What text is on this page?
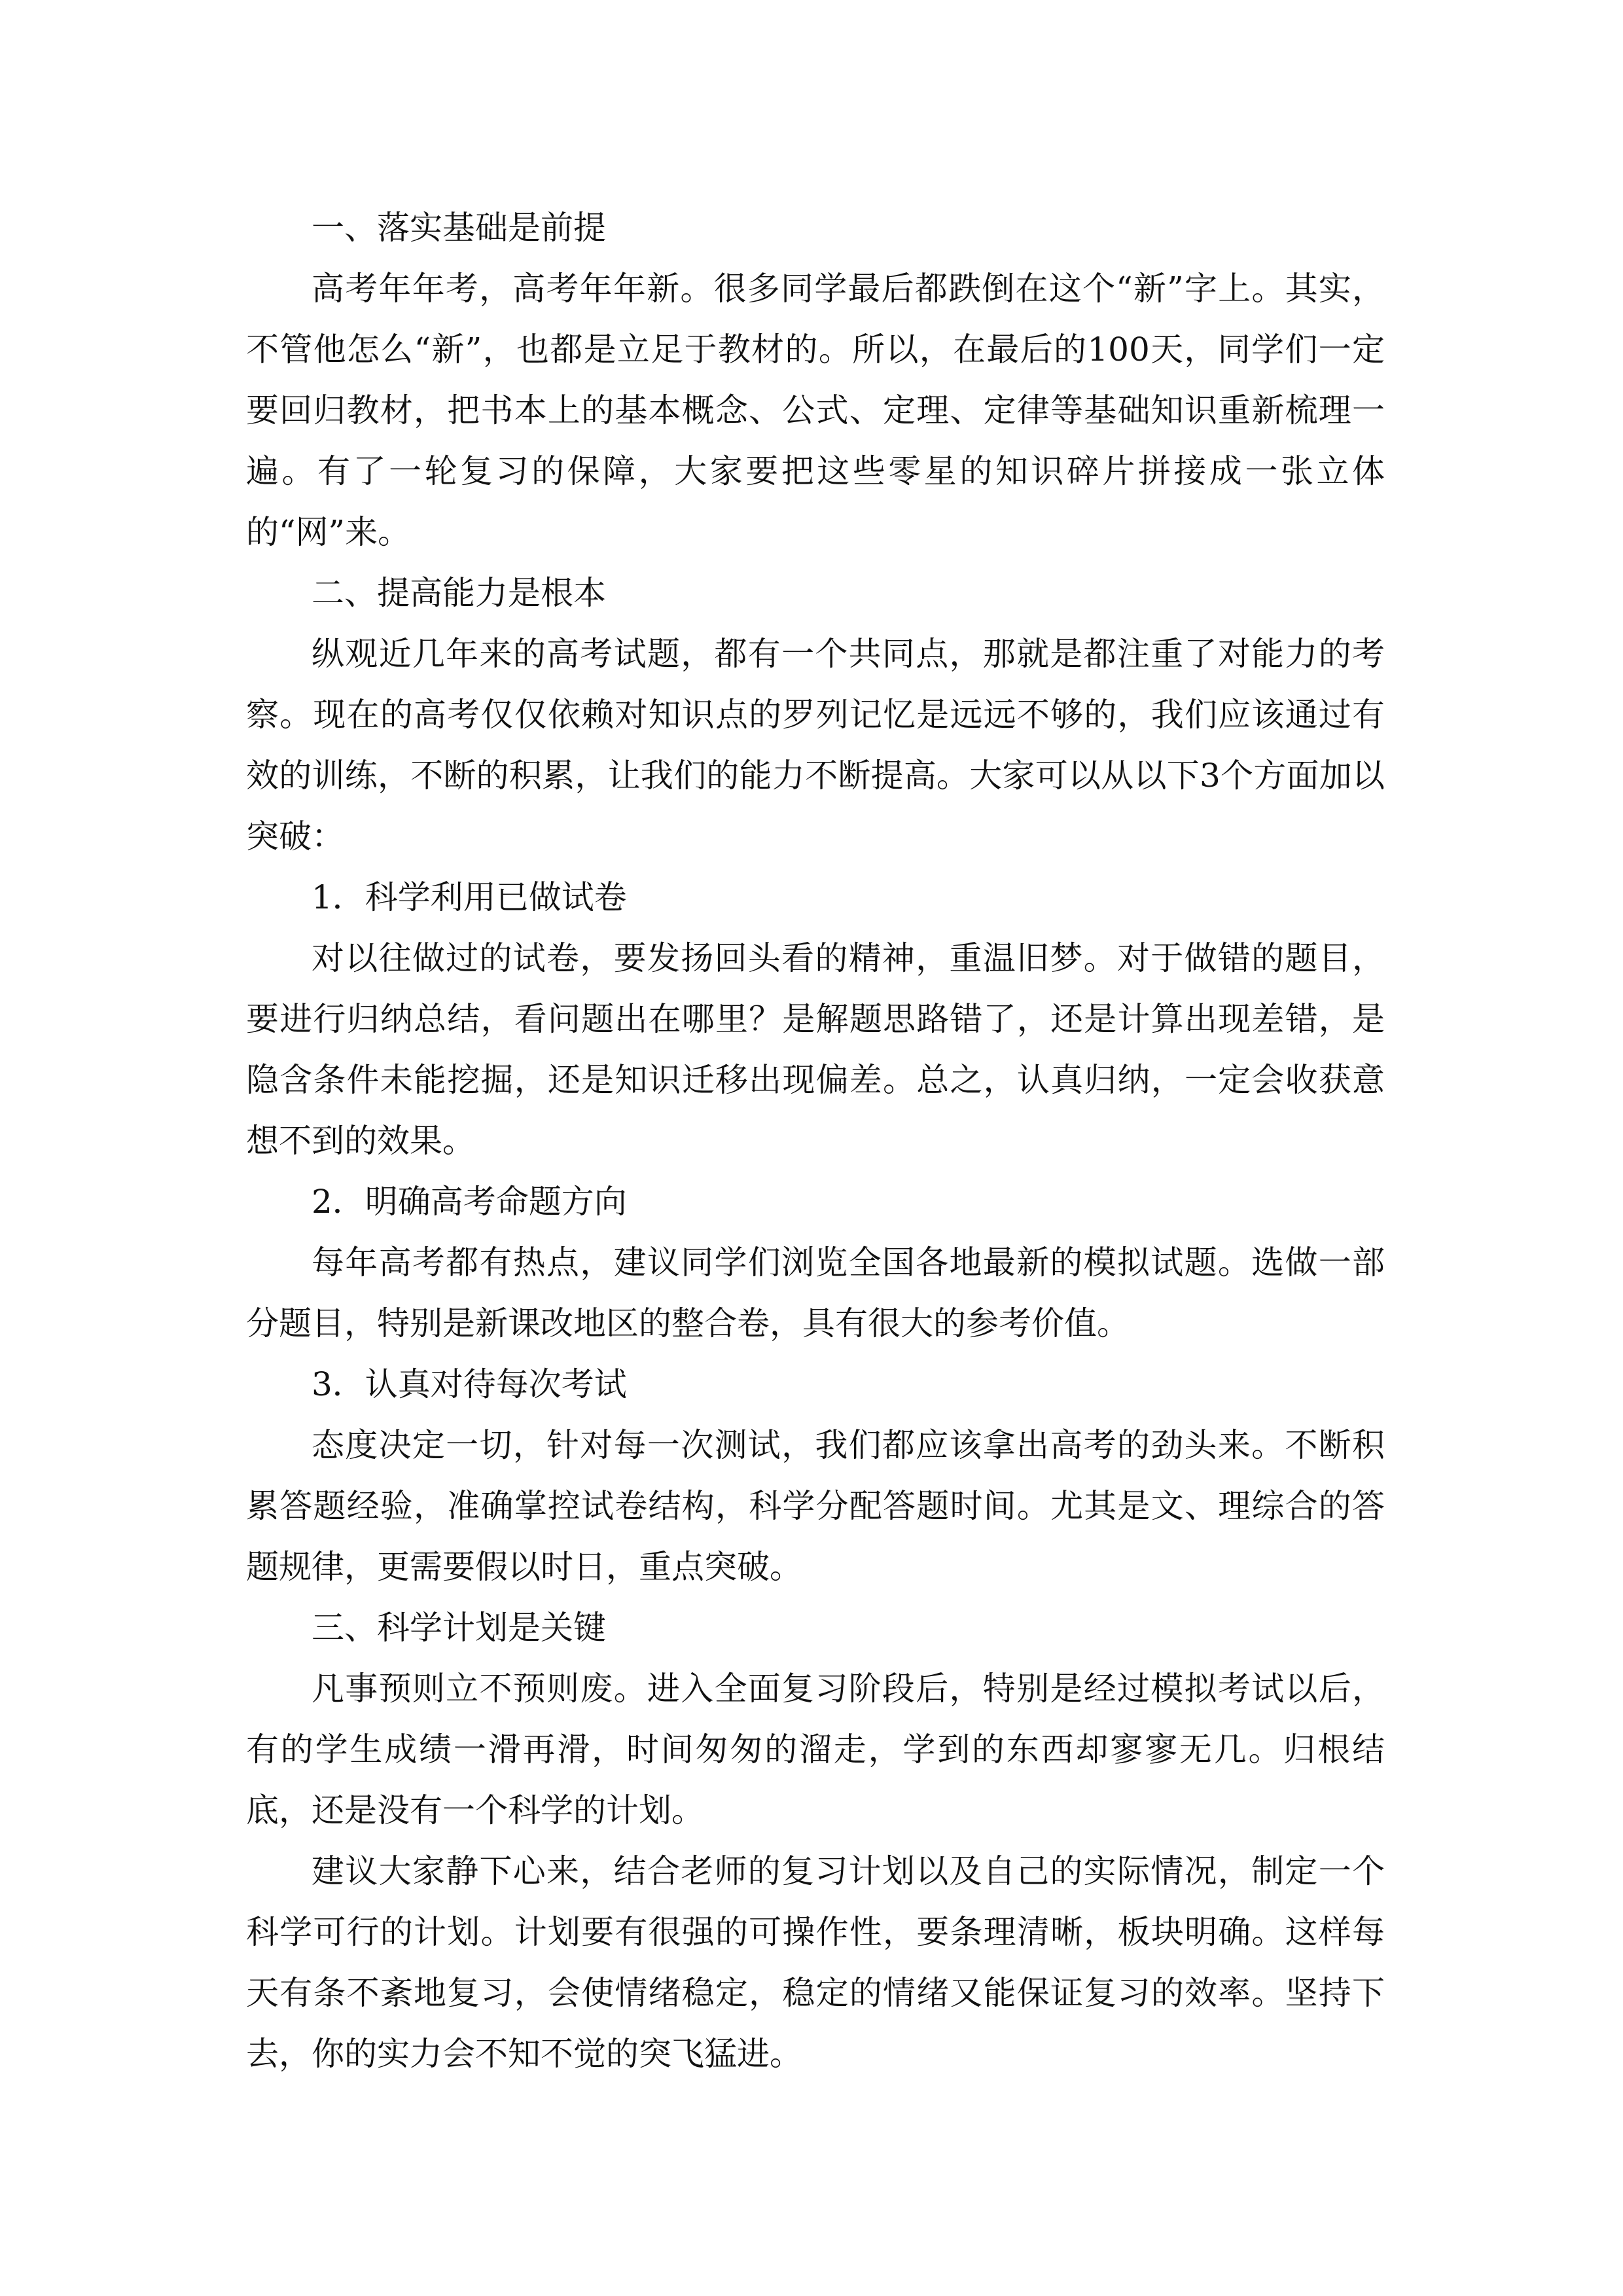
一、落实基础是前提

高考年年考，高考年年新。很多同学最后都跌倒在这个“新”字上。其实，不管他怎么“新”，也都是立足于教材的。所以，在最后的100天，同学们一定要回归教材，把书本上的基本概念、公式、定理、定律等基础知识重新梳理一遍。有了一轮复习的保障，大家要把这些零星的知识碎片拼接成一张立体的“网”来。

二、提高能力是根本

纵观近几年来的高考试题，都有一个共同点，那就是都注重了对能力的考察。现在的高考仅仅依赖对知识点的罗列记忆是远远不够的，我们应该通过有效的训练，不断的积累，让我们的能力不断提高。大家可以从以下3个方面加以突破：

1．科学利用已做试卷

对以往做过的试卷，要发扬回头看的精神，重温旧梦。对于做错的题目，要进行归纳总结，看问题出在哪里？是解题思路错了，还是计算出现差错，是隐含条件未能挖掘，还是知识迁移出现偏差。总之，认真归纳，一定会收获意想不到的效果。

2．明确高考命题方向

每年高考都有热点，建议同学们浏览全国各地最新的模拟试题。选做一部分题目，特别是新课改地区的整合卷，具有很大的参考价值。

3．认真对待每次考试

态度决定一切，针对每一次测试，我们都应该拿出高考的劲头来。不断积累答题经验，准确掌控试卷结构，科学分配答题时间。尤其是文、理综合的答题规律，更需要假以时日，重点突破。

三、科学计划是关键

凡事预则立不预则废。进入全面复习阶段后，特别是经过模拟考试以后，有的学生成绩一滑再滑，时间匆匆的溜走，学到的东西却寥寥无几。归根结底，还是没有一个科学的计划。

建议大家静下心来，结合老师的复习计划以及自己的实际情况，制定一个科学可行的计划。计划要有很强的可操作性，要条理清晰，板块明确。这样每天有条不紊地复习，会使情绪稳定，稳定的情绪又能保证复习的效率。坚持下去，你的实力会不知不觉的突飞猛进。
